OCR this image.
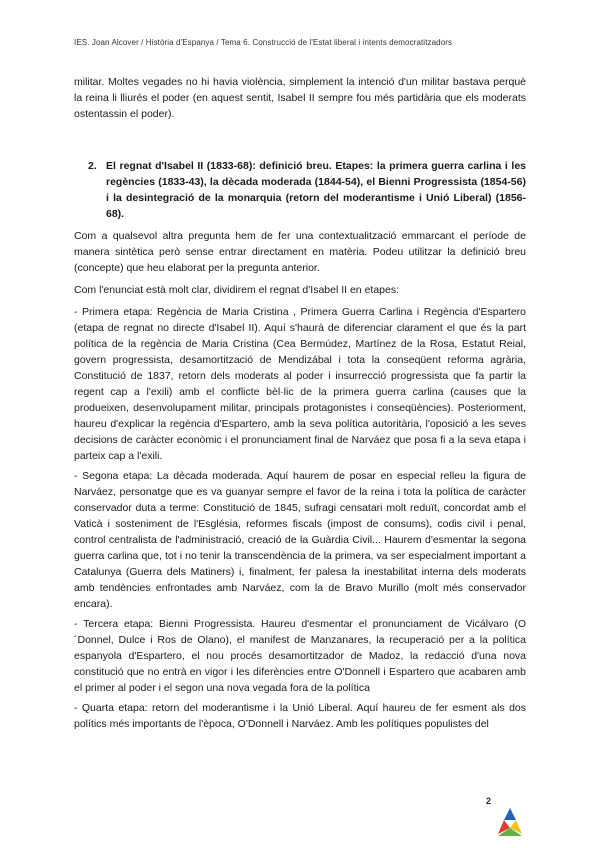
IES. Joan Alcover / Història d'Espanya / Tema 6. Construcció de l'Estat liberal i intents democratitzadors

militar. Moltes vegades no hi havia violència, simplement la intenció d'un militar bastava perquè la reina li lliurés el poder (en aquest sentit, Isabel II sempre fou més partidària que els moderats ostentassin el poder).

2. El regnat d'Isabel II (1833-68): definició breu. Etapes: la primera guerra carlina i les regències (1833-43), la dècada moderada (1844-54), el Bienni Progressista (1854-56) i la desintegració de la monarquia (retorn del moderantisme i Unió Liberal) (1856-68).

Com a qualsevol altra pregunta hem de fer una contextualització emmarcant el període de manera sintètica però sense entrar directament en matèria. Podeu utilitzar la definició breu (concepte) que heu elaborat per la pregunta anterior.

Com l'enunciat està molt clar, dividirem el regnat d'Isabel II en etapes:

- Primera etapa: Regència de Maria Cristina , Primera Guerra Carlina i Regència d'Espartero (etapa de regnat no directe d'Isabel II). Aquí s'haurà de diferenciar clarament el que és la part política de la regència de Maria Cristina (Cea Bermúdez, Martínez de la Rosa, Estatut Reial, govern progressista, desamortització de Mendizábal i tota la conseqüent reforma agrària, Constitució de 1837, retorn dels moderats al poder i insurrecció progressista que fa partir la regent cap a l'exili) amb el conflicte bèl·lic de la primera guerra carlina (causes que la produeixen, desenvolupament militar, principals protagonistes i conseqüències). Posteriorment, haureu d'explicar la regència d'Espartero, amb la seva política autoritària, l'oposició a les seves decisions de caràcter econòmic i el pronunciament final de Narváez que posa fi a la seva etapa i parteix cap a l'exili.

- Segona etapa: La dècada moderada. Aquí haurem de posar en especial relleu la figura de Narváez, personatge que es va guanyar sempre el favor de la reina i tota la política de caràcter conservador duta a terme: Constitució de 1845, sufragi censatari molt reduït, concordat amb el Vaticà i sosteniment de l'Església, reformes fiscals (impost de consums), codis civil i penal, control centralista de l'administració, creació de la Guàrdia Civil... Haurem d'esmentar la segona guerra carlina que, tot i no tenir la transcendència de la primera, va ser especialment important a Catalunya (Guerra dels Matiners) i, finalment, fer palesa la inestabilitat interna dels moderats amb tendències enfrontades amb Narváez, com la de Bravo Murillo (molt més conservador encara).

- Tercera etapa: Bienni Progressista. Haureu d'esmentar el pronunciament de Vicálvaro (O´Donnel, Dulce i Ros de Olano), el manifest de Manzanares, la recuperació per a la política espanyola d'Espartero, el nou procés desamortitzador de Madoz, la redacció d'una nova constitució que no entrà en vigor i les diferències entre O'Donnell i Espartero que acabaren amb el primer al poder i el segon una nova vegada fora de la política

- Quarta etapa: retorn del moderantisme i la Unió Liberal. Aquí haureu de fer esment als dos polítics més importants de l'època, O'Donnell i Narváez. Amb les polítiques populistes del

2
